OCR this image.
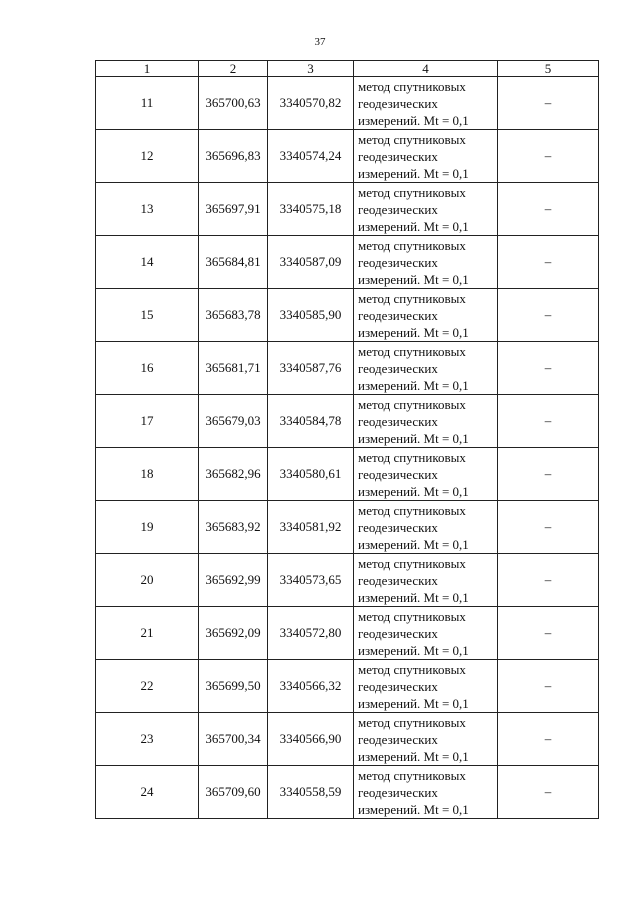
37
1	2	3	4	5
11	365700,63	3340570,82	метод спутниковых
геодезических
измерений. Mt = 0,1	–
12	365696,83	3340574,24	метод спутниковых
геодезических
измерений. Mt = 0,1	–
13	365697,91	3340575,18	метод спутниковых
геодезических
измерений. Mt = 0,1	–
14	365684,81	3340587,09	метод спутниковых
геодезических
измерений. Mt = 0,1	–
15	365683,78	3340585,90	метод спутниковых
геодезических
измерений. Mt = 0,1	–
16	365681,71	3340587,76	метод спутниковых
геодезических
измерений. Mt = 0,1	–
17	365679,03	3340584,78	метод спутниковых
геодезических
измерений. Mt = 0,1	–
18	365682,96	3340580,61	метод спутниковых
геодезических
измерений. Mt = 0,1	–
19	365683,92	3340581,92	метод спутниковых
геодезических
измерений. Mt = 0,1	–
20	365692,99	3340573,65	метод спутниковых
геодезических
измерений. Mt = 0,1	–
21	365692,09	3340572,80	метод спутниковых
геодезических
измерений. Mt = 0,1	–
22	365699,50	3340566,32	метод спутниковых
геодезических
измерений. Mt = 0,1	–
23	365700,34	3340566,90	метод спутниковых
геодезических
измерений. Mt = 0,1	–
24	365709,60	3340558,59	метод спутниковых
геодезических
измерений. Mt = 0,1	–
